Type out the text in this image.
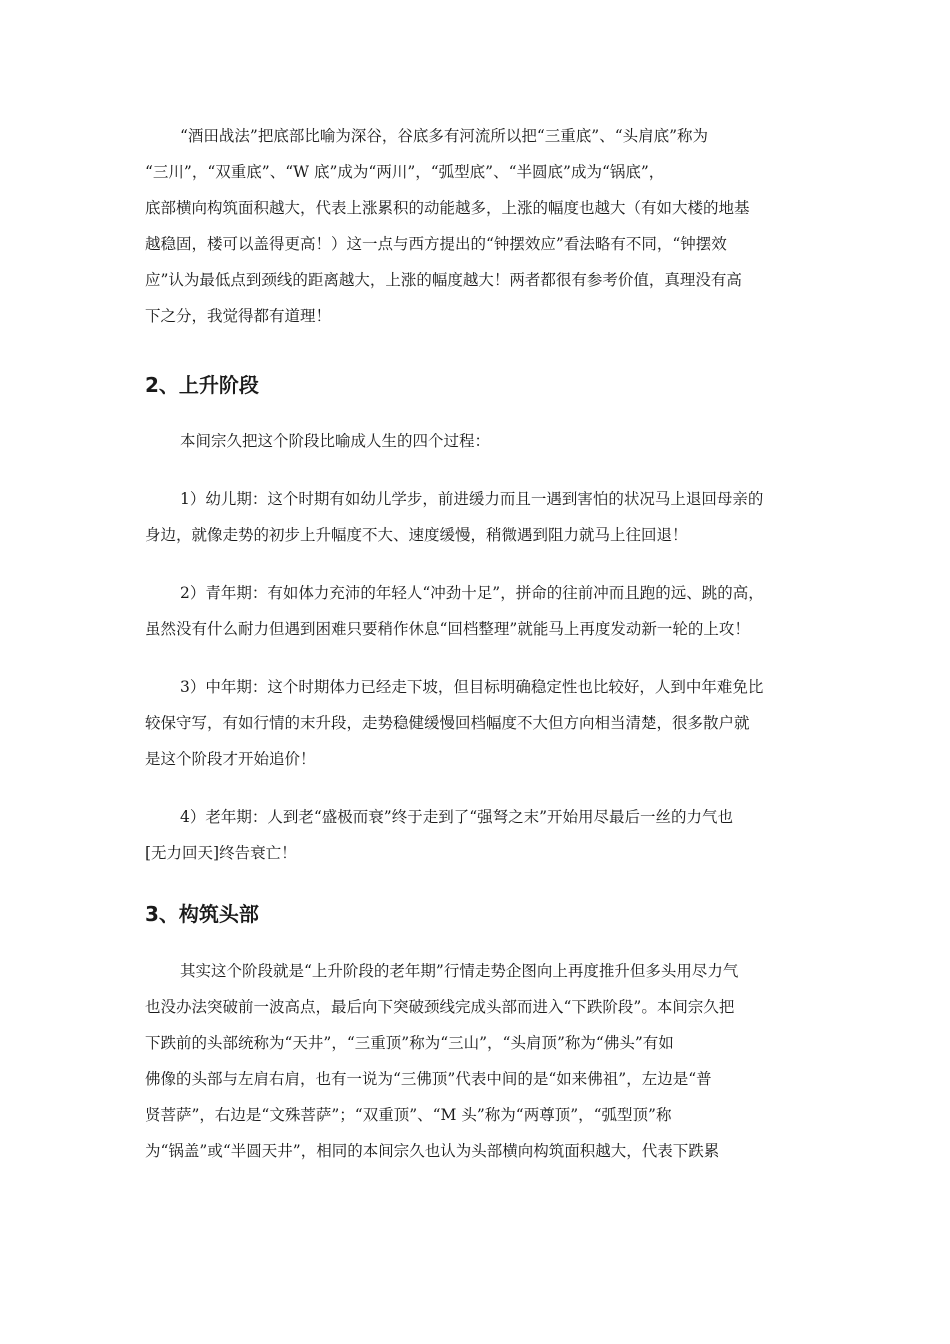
“酒田战法”把底部比喻为深谷，谷底多有河流所以把“三重底”、“头肩底”称为
“三川”，“双重底”、“W 底”成为“两川”，“弧型底”、“半圆底”成为“锅底”，
底部横向构筑面积越大，代表上涨累积的动能越多，上涨的幅度也越大（有如大楼的地基
越稳固，楼可以盖得更高！）这一点与西方提出的“钟摆效应”看法略有不同，“钟摆效
应”认为最低点到颈线的距离越大，上涨的幅度越大！两者都很有参考价值，真理没有高
下之分，我觉得都有道理！
2、上升阶段
本间宗久把这个阶段比喻成人生的四个过程：
1）幼儿期：这个时期有如幼儿学步，前进缓力而且一遇到害怕的状况马上退回母亲的
身边，就像走势的初步上升幅度不大、速度缓慢，稍微遇到阻力就马上往回退！
2）青年期：有如体力充沛的年轻人“冲劲十足”，拼命的往前冲而且跑的远、跳的高，
虽然没有什么耐力但遇到困难只要稍作休息“回档整理”就能马上再度发动新一轮的上攻！
3）中年期：这个时期体力已经走下坡，但目标明确稳定性也比较好，人到中年难免比
较保守写，有如行情的末升段，走势稳健缓慢回档幅度不大但方向相当清楚，很多散户就
是这个阶段才开始追价！
4）老年期：人到老“盛极而衰”终于走到了“强弩之末”开始用尽最后一丝的力气也
[无力回天]终告衰亡！
3、构筑头部
其实这个阶段就是“上升阶段的老年期”行情走势企图向上再度推升但多头用尽力气
也没办法突破前一波高点，最后向下突破颈线完成头部而进入“下跌阶段”。本间宗久把
下跌前的头部统称为“天井”，“三重顶”称为“三山”，“头肩顶”称为“佛头”有如
佛像的头部与左肩右肩，也有一说为“三佛顶”代表中间的是“如来佛祖”，左边是“普
贤菩萨”，右边是“文殊菩萨”；“双重顶”、“M 头”称为“两尊顶”，“弧型顶”称
为“锅盖”或“半圆天井”，相同的本间宗久也认为头部横向构筑面积越大，代表下跌累
